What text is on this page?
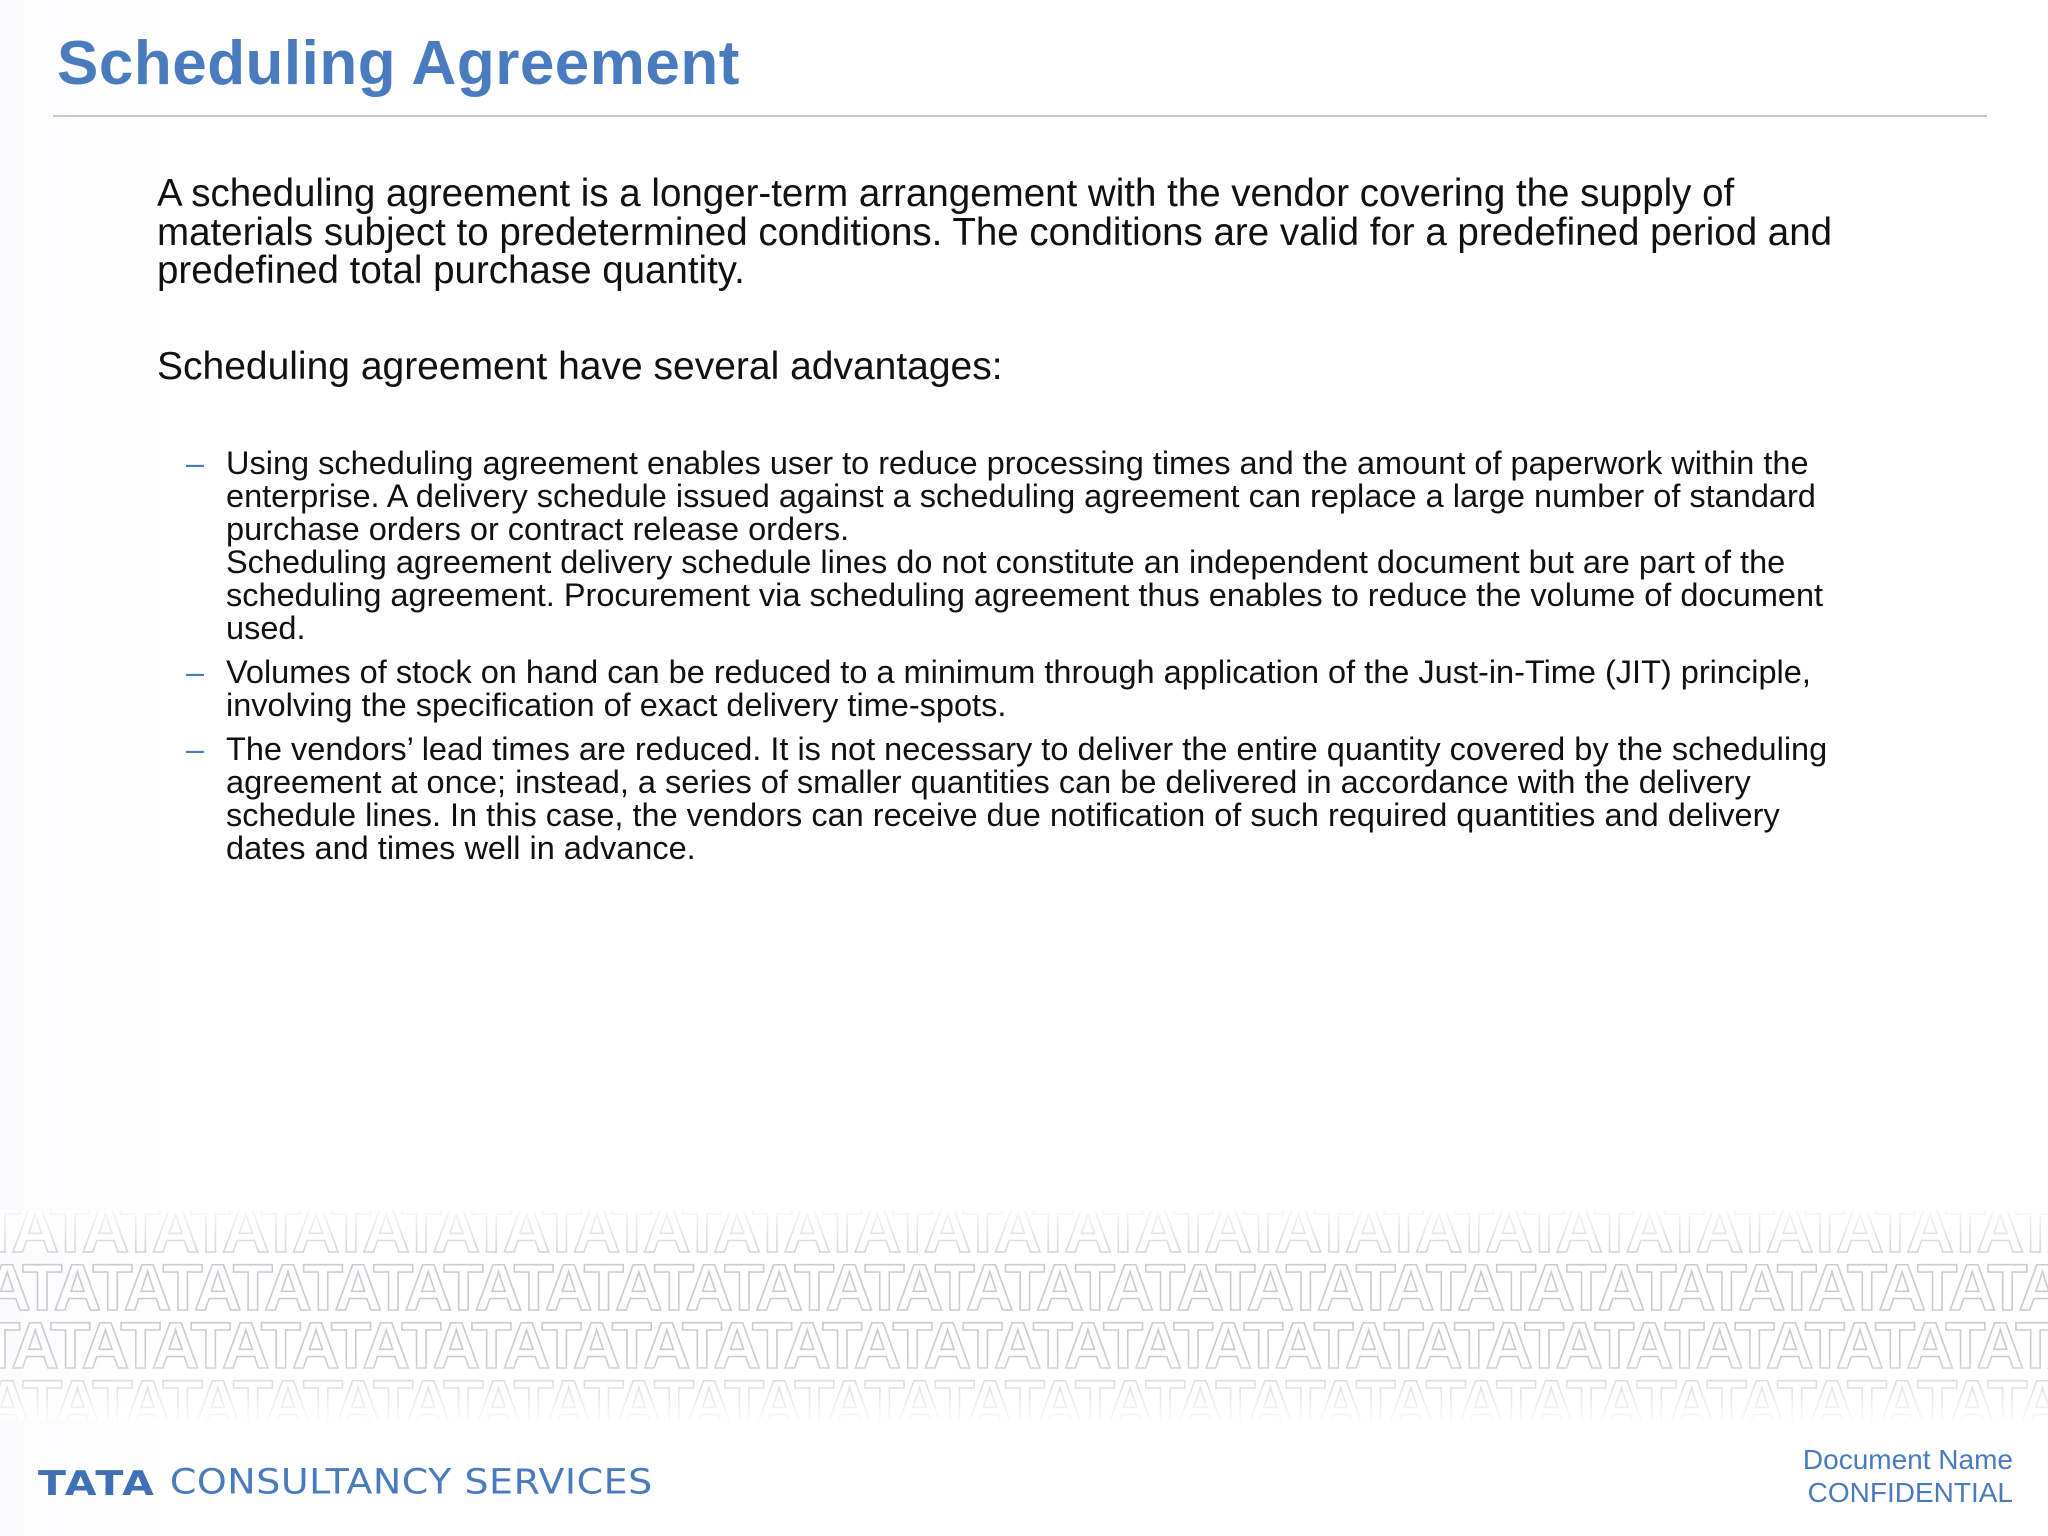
Scheduling Agreement

A scheduling agreement is a longer-term arrangement with the vendor covering the supply of
materials subject to predetermined conditions. The conditions are valid for a predefined period and
predefined total purchase quantity.

Scheduling agreement have several advantages:

– Using scheduling agreement enables user to reduce processing times and the amount of paperwork within the
enterprise. A delivery schedule issued against a scheduling agreement can replace a large number of standard
purchase orders or contract release orders.
Scheduling agreement delivery schedule lines do not constitute an independent document but are part of the
scheduling agreement. Procurement via scheduling agreement thus enables to reduce the volume of document
used.
– Volumes of stock on hand can be reduced to a minimum through application of the Just-in-Time (JIT) principle,
involving the specification of exact delivery time-spots.
– The vendors’ lead times are reduced. It is not necessary to deliver the entire quantity covered by the scheduling
agreement at once; instead, a series of smaller quantities can be delivered in accordance with the delivery
schedule lines. In this case, the vendors can receive due notification of such required quantities and delivery
dates and times well in advance.
TATA CONSULTANCY SERVICES
Document Name
CONFIDENTIAL
